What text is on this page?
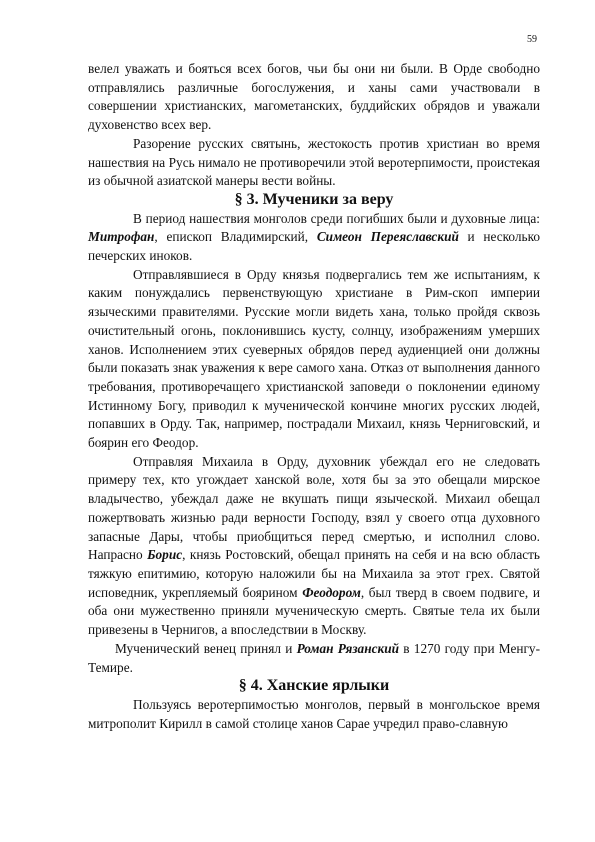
59

велел уважать и бояться всех богов, чьи бы они ни были. В Орде свободно отправлялись различные богослужения, и ханы сами участвовали в совершении христианских, магометанских, буддийских обрядов и уважали духовенство всех вер.

Разорение русских святынь, жестокость против христиан во время нашествия на Русь нимало не противоречили этой веротерпимости, проистекая из обычной азиатской манеры вести войны.

§ 3. Мученики за веру

В период нашествия монголов среди погибших были и духовные лица: Митрофан, епископ Владимирский, Симеон Переяславский и несколько печерских иноков.

Отправлявшиеся в Орду князья подвергались тем же испытаниям, к каким понуждались первенствующую христиане в Рим-скоп империи языческими правителями. Русские могли видеть хана, только пройдя сквозь очистительный огонь, поклонившись кусту, солнцу, изображениям умерших ханов. Исполнением этих суеверных обрядов перед аудиенцией они должны были показать знак уважения к вере самого хана. Отказ от выполнения данного требования, противоречащего христианской заповеди о поклонении единому Истинному Богу, приводил к мученической кончине многих русских людей, попавших в Орду. Так, например, пострадали Михаил, князь Черниговский, и боярин его Феодор.

Отправляя Михаила в Орду, духовник убеждал его не следовать примеру тех, кто угождает ханской воле, хотя бы за это обещали мирское владычество, убеждал даже не вкушать пищи языческой. Михаил обещал пожертвовать жизнью ради верности Господу, взял у своего отца духовного запасные Дары, чтобы приобщиться перед смертью, и исполнил слово. Напрасно Борис, князь Ростовский, обещал принять на себя и на всю область тяжкую епитимию, которую наложили бы на Михаила за этот грех. Святой исповедник, укрепляемый боярином Феодором, был тверд в своем подвиге, и оба они мужественно приняли мученическую смерть. Святые тела их были привезены в Чернигов, а впоследствии в Москву.

Мученический венец принял и Роман Рязанский в 1270 году при Менгу-Темире.

§ 4. Ханские ярлыки

Пользуясь веротерпимостью монголов, первый в монгольское время митрополит Кирилл в самой столице ханов Сарае учредил право-славную
